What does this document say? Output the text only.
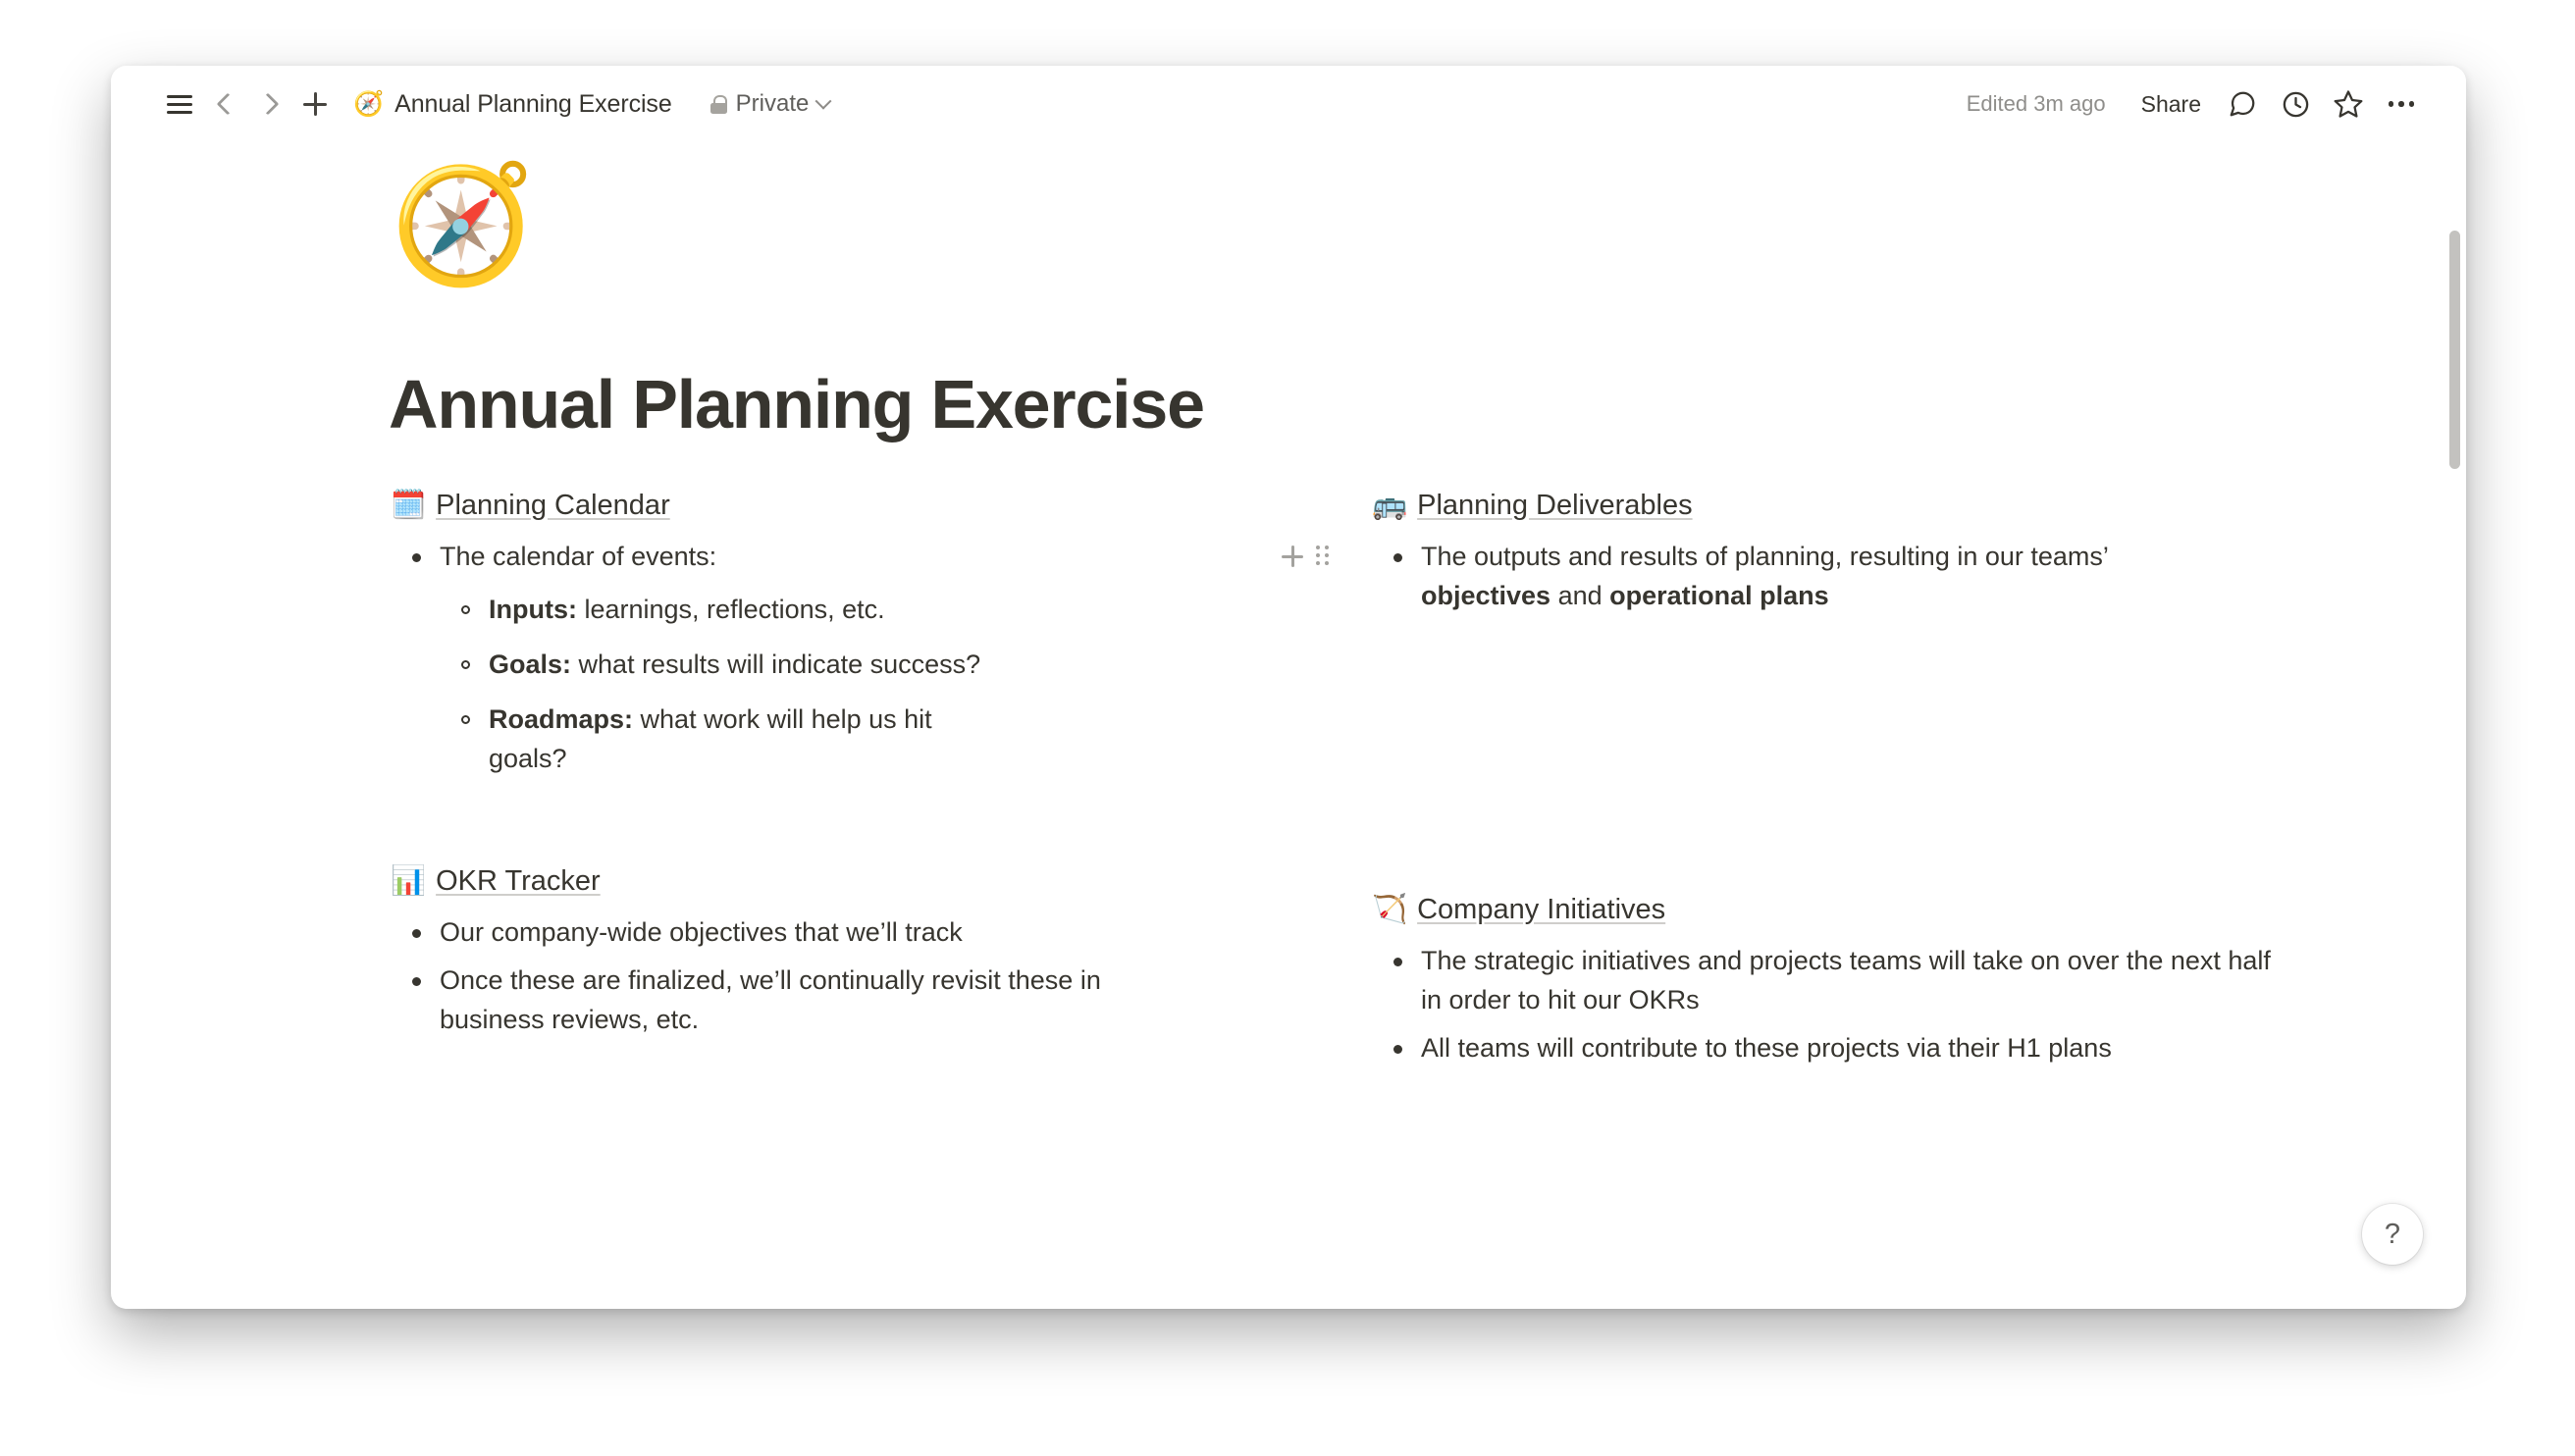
🧭 Annual Planning Exercise	Private	Edited 3m ago	Share
🧭
Annual Planning Exercise
🗓️ Planning Calendar
The calendar of events:
Inputs: learnings, reflections, etc.
Goals: what results will indicate success?
Roadmaps: what work will help us hit goals?
📊 OKR Tracker
Our company-wide objectives that we’ll track
Once these are finalized, we’ll continually revisit these in business reviews, etc.
🚌 Planning Deliverables
The outputs and results of planning, resulting in our teams’ objectives and operational plans
🏹 Company Initiatives
The strategic initiatives and projects teams will take on over the next half in order to hit our OKRs
All teams will contribute to these projects via their H1 plans
?
